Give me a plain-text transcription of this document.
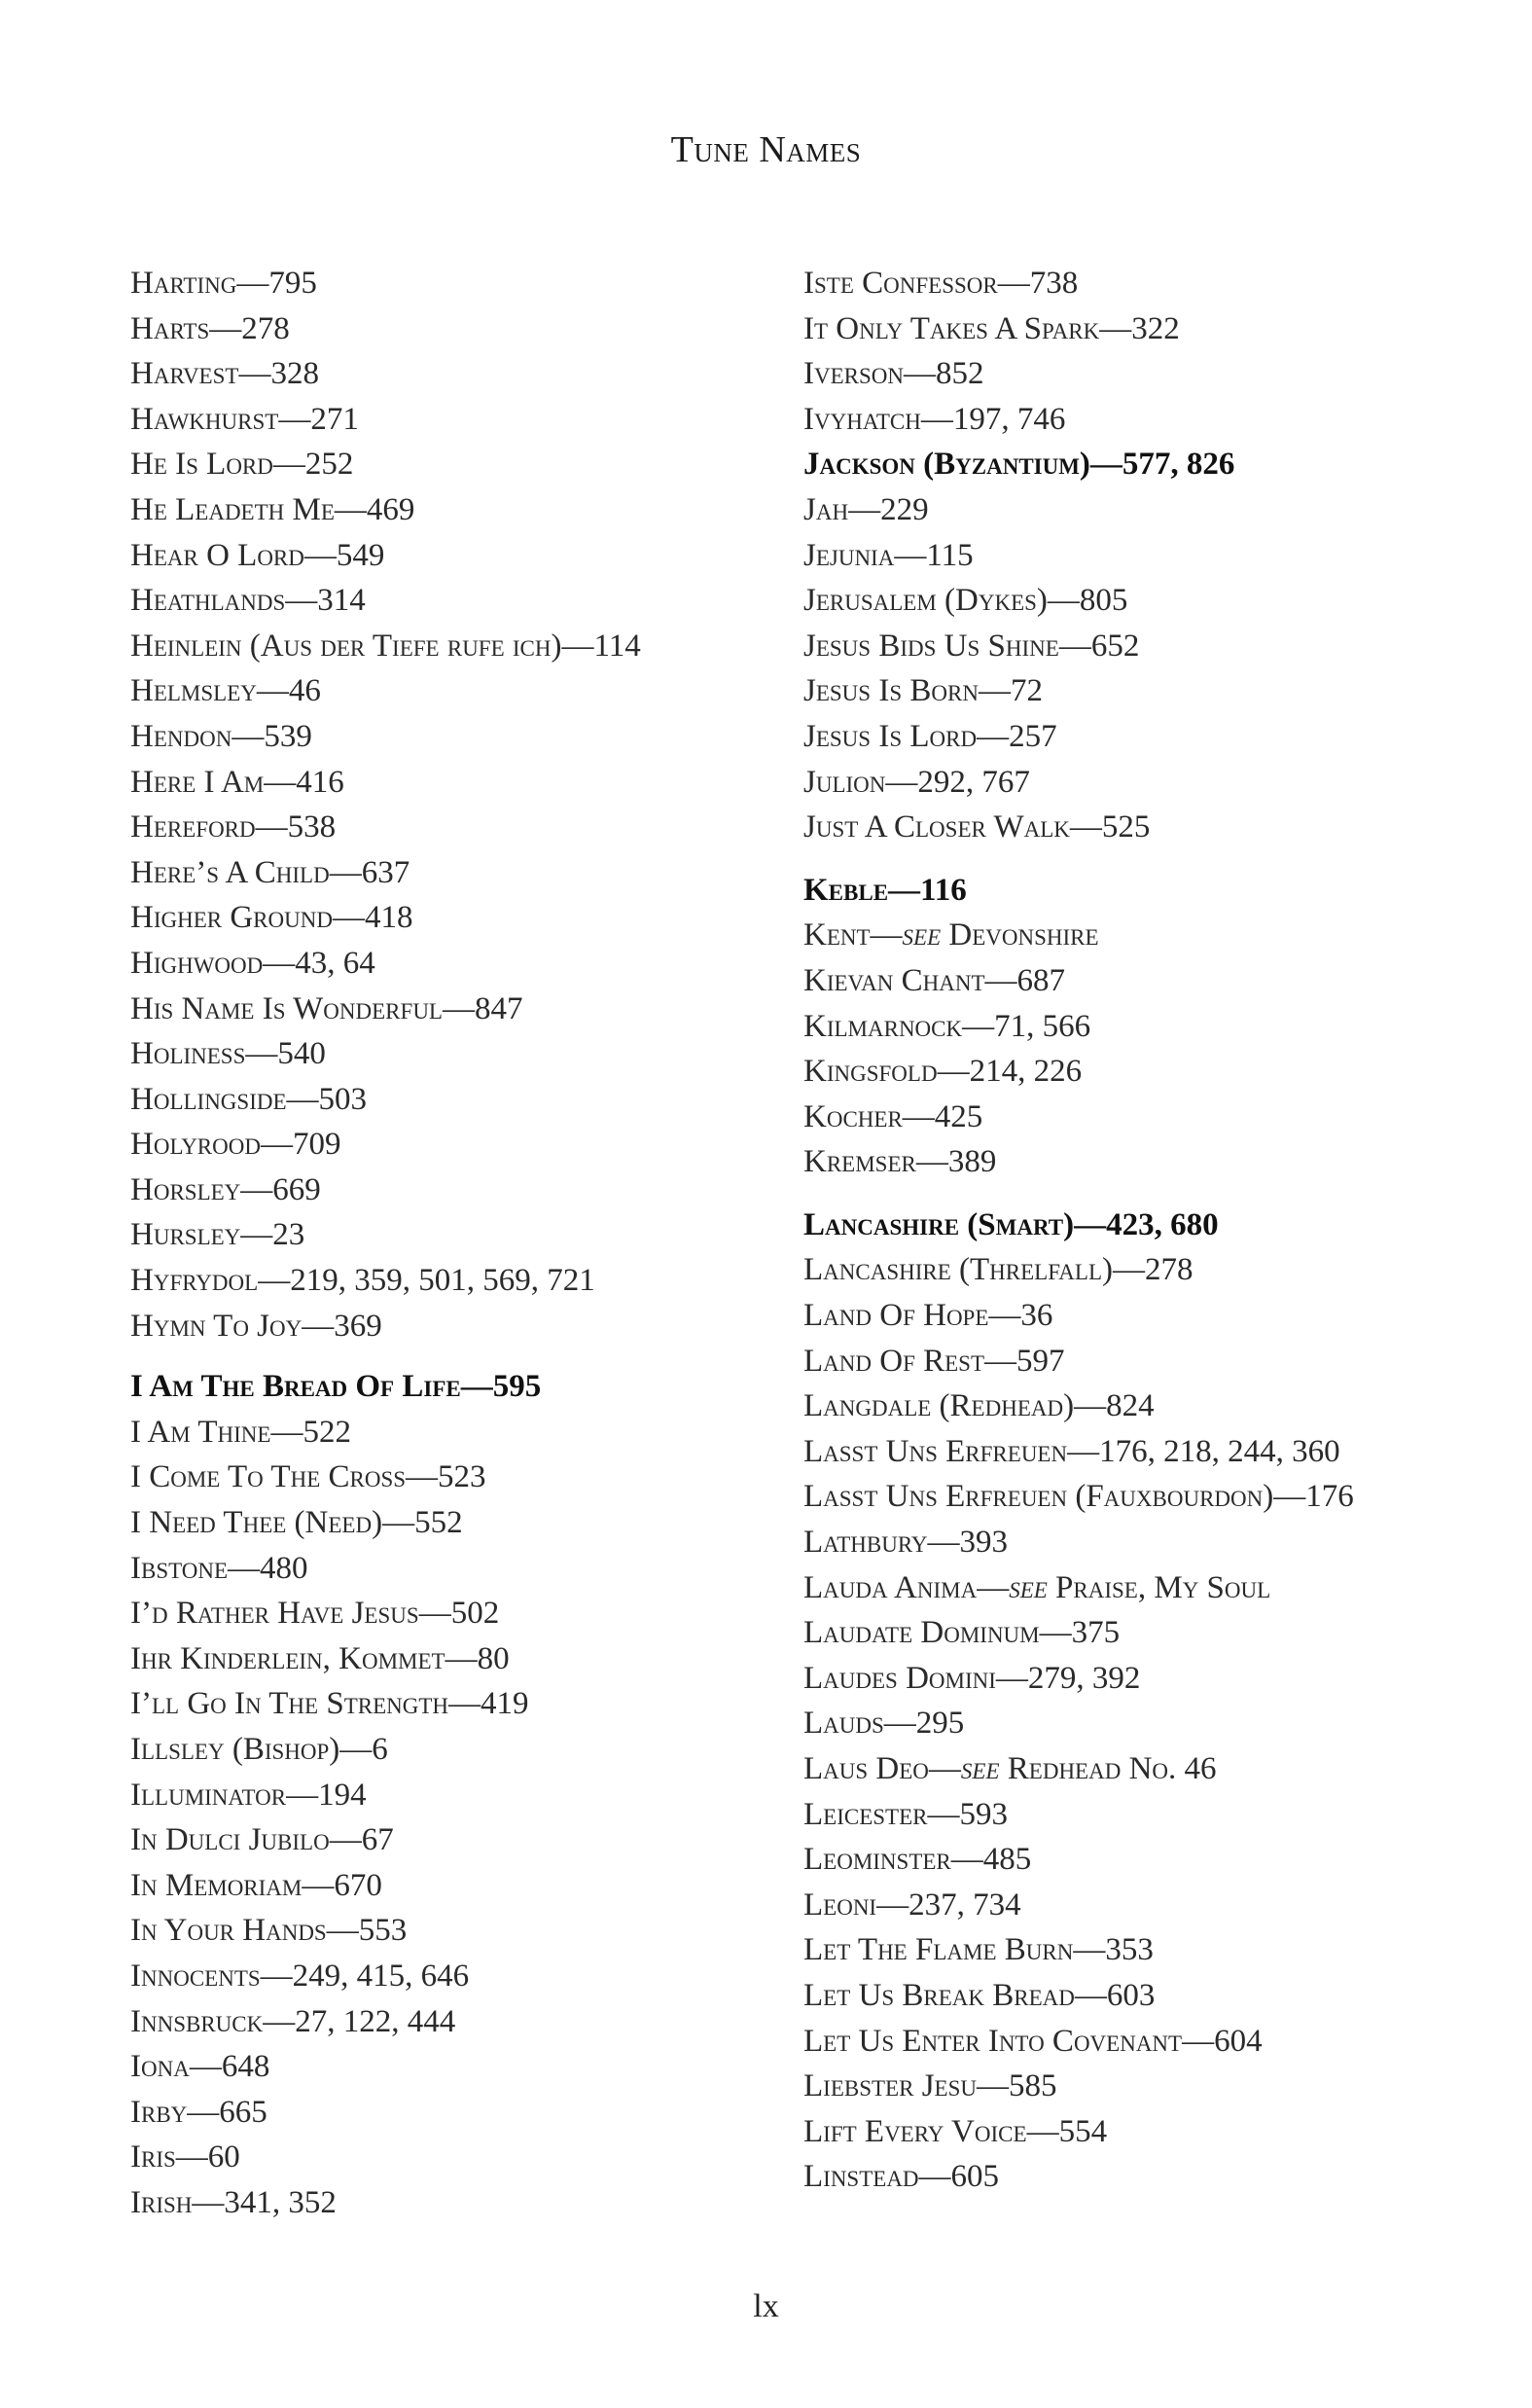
Tune Names
Harting—795
Harts—278
Harvest—328
Hawkhurst—271
He Is Lord—252
He Leadeth Me—469
Hear O Lord—549
Heathlands—314
Heinlein (Aus der Tiefe rufe ich)—114
Helmsley—46
Hendon—539
Here I Am—416
Hereford—538
Here’s A Child—637
Higher Ground—418
Highwood—43, 64
His Name Is Wonderful—847
Holiness—540
Hollingside—503
Holyrood—709
Horsley—669
Hursley—23
Hyfrydol—219, 359, 501, 569, 721
Hymn To Joy—369
I Am The Bread Of Life—595
I Am Thine—522
I Come To The Cross—523
I Need Thee (Need)—552
Ibstone—480
I’d Rather Have Jesus—502
Ihr Kinderlein, Kommet—80
I’ll Go In The Strength—419
Illsley (Bishop)—6
Illuminator—194
In Dulci Jubilo—67
In Memoriam—670
In Your Hands—553
Innocents—249, 415, 646
Innsbruck—27, 122, 444
Iona—648
Irby—665
Iris—60
Irish—341, 352
Iste Confessor—738
It Only Takes A Spark—322
Iverson—852
Ivyhatch—197, 746
Jackson (Byzantium)—577, 826
Jah—229
Jejunia—115
Jerusalem (Dykes)—805
Jesus Bids Us Shine—652
Jesus Is Born—72
Jesus Is Lord—257
Julion—292, 767
Just A Closer Walk—525
Keble—116
Kent—see Devonshire
Kievan Chant—687
Kilmarnock—71, 566
Kingsfold—214, 226
Kocher—425
Kremser—389
Lancashire (Smart)—423, 680
Lancashire (Threlfall)—278
Land Of Hope—36
Land Of Rest—597
Langdale (Redhead)—824
Lasst Uns Erfreuen—176, 218, 244, 360
Lasst Uns Erfreuen (Fauxbourdon)—176
Lathbury—393
Lauda Anima—see Praise, My Soul
Laudate Dominum—375
Laudes Domini—279, 392
Lauds—295
Laus Deo—see Redhead No. 46
Leicester—593
Leominster—485
Leoni—237, 734
Let The Flame Burn—353
Let Us Break Bread—603
Let Us Enter Into Covenant—604
Liebster Jesu—585
Lift Every Voice—554
Linstead—605
lx
